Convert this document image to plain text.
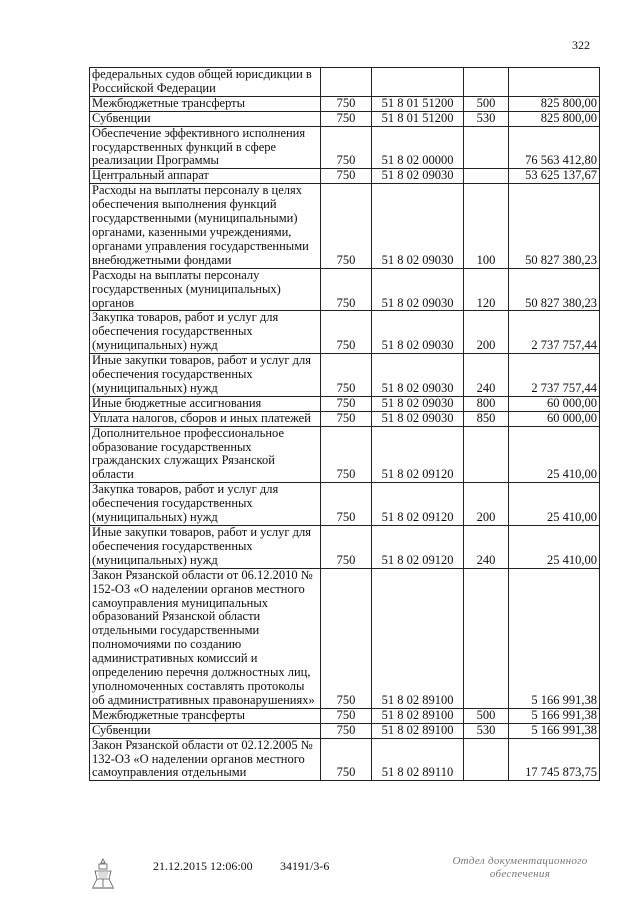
322
федеральных судов общей юрисдикции в Российской Федерации				
Межбюджетные трансферты	750	51 8 01 51200	500	825 800,00
Субвенции	750	51 8 01 51200	530	825 800,00
Обеспечение эффективного исполнения государственных функций в сфере реализации Программы	750	51 8 02 00000		76 563 412,80
Центральный аппарат	750	51 8 02 09030		53 625 137,67
Расходы на выплаты персоналу в целях обеспечения выполнения функций государственными (муниципальными) органами, казенными учреждениями, органами управления государственными внебюджетными фондами	750	51 8 02 09030	100	50 827 380,23
Расходы на выплаты персоналу государственных (муниципальных) органов	750	51 8 02 09030	120	50 827 380,23
Закупка товаров, работ и услуг для обеспечения государственных (муниципальных) нужд	750	51 8 02 09030	200	2 737 757,44
Иные закупки товаров, работ и услуг для обеспечения государственных (муниципальных) нужд	750	51 8 02 09030	240	2 737 757,44
Иные бюджетные ассигнования	750	51 8 02 09030	800	60 000,00
Уплата налогов, сборов и иных платежей	750	51 8 02 09030	850	60 000,00
Дополнительное профессиональное образование государственных гражданских служащих Рязанской области	750	51 8 02 09120		25 410,00
Закупка товаров, работ и услуг для обеспечения государственных (муниципальных) нужд	750	51 8 02 09120	200	25 410,00
Иные закупки товаров, работ и услуг для обеспечения государственных (муниципальных) нужд	750	51 8 02 09120	240	25 410,00
Закон Рязанской области от 06.12.2010 № 152-ОЗ «О наделении органов местного самоуправления муниципальных образований Рязанской области отдельными государственными полномочиями по созданию административных комиссий и определению перечня должностных лиц, уполномоченных составлять протоколы об административных правонарушениях»	750	51 8 02 89100		5 166 991,38
Межбюджетные трансферты	750	51 8 02 89100	500	5 166 991,38
Субвенции	750	51 8 02 89100	530	5 166 991,38
Закон Рязанской области от 02.12.2005 № 132-ОЗ «О наделении органов местного самоуправления отдельными	750	51 8 02 89110		17 745 873,75
21.12.2015 12:06:00 34191/3-6	Отдел документационного
обеспечения
